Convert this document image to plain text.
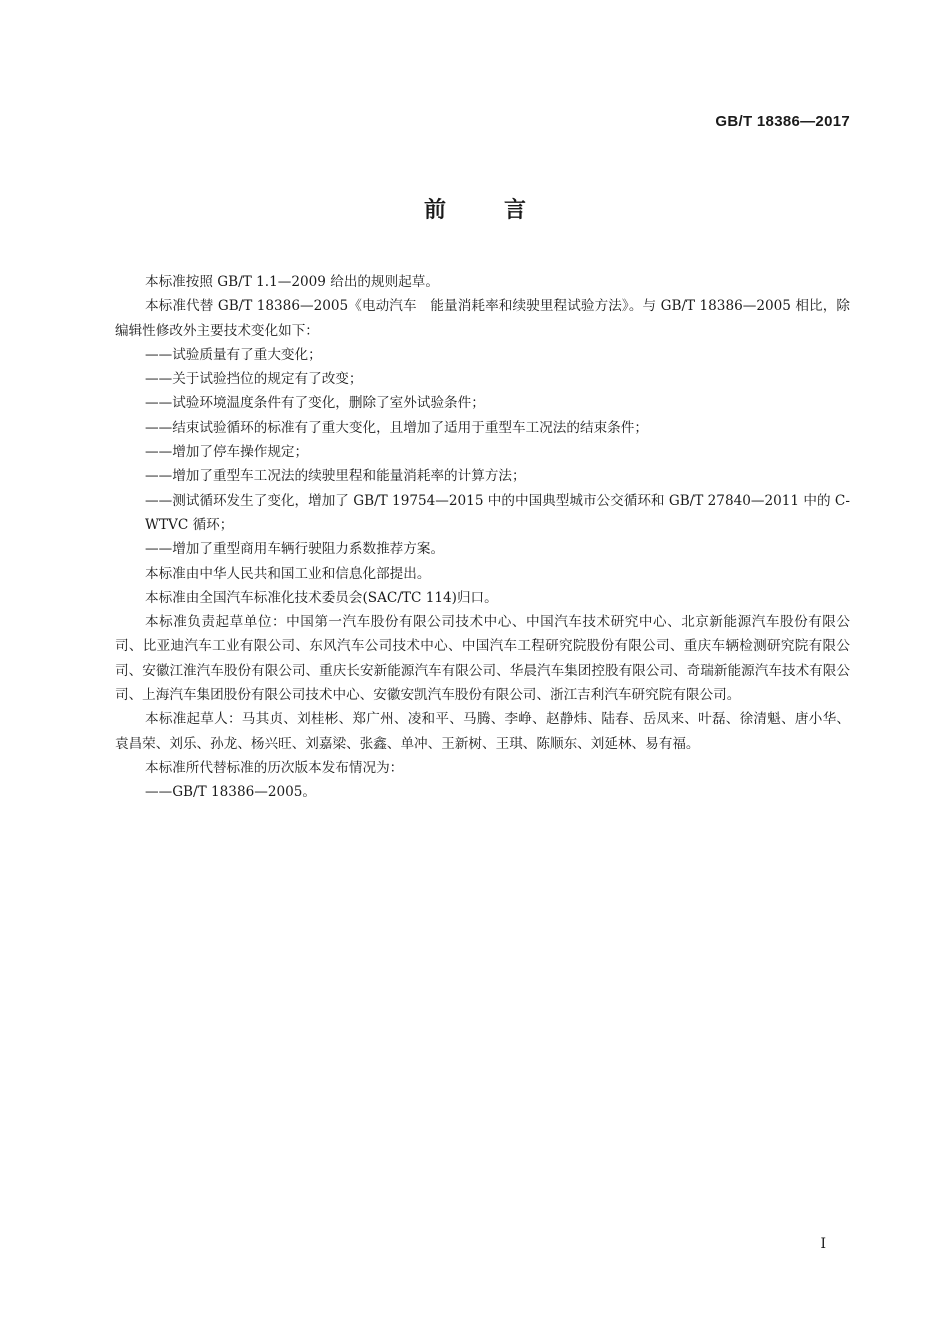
GB/T 18386—2017
前言

本标准按照 GB/T 1.1—2009 给出的规则起草。

本标准代替 GB/T 18386—2005《电动汽车　能量消耗率和续驶里程试验方法》。与 GB/T 18386—2005 相比，除编辑性修改外主要技术变化如下：

——试验质量有了重大变化；

——关于试验挡位的规定有了改变；

——试验环境温度条件有了变化，删除了室外试验条件；

——结束试验循环的标准有了重大变化，且增加了适用于重型车工况法的结束条件；

——增加了停车操作规定；

——增加了重型车工况法的续驶里程和能量消耗率的计算方法；

——测试循环发生了变化，增加了 GB/T 19754—2015 中的中国典型城市公交循环和 GB/T 27840—2011 中的 C-WTVC 循环；

——增加了重型商用车辆行驶阻力系数推荐方案。

本标准由中华人民共和国工业和信息化部提出。

本标准由全国汽车标准化技术委员会(SAC/TC 114)归口。

本标准负责起草单位：中国第一汽车股份有限公司技术中心、中国汽车技术研究中心、北京新能源汽车股份有限公司、比亚迪汽车工业有限公司、东风汽车公司技术中心、中国汽车工程研究院股份有限公司、重庆车辆检测研究院有限公司、安徽江淮汽车股份有限公司、重庆长安新能源汽车有限公司、华晨汽车集团控股有限公司、奇瑞新能源汽车技术有限公司、上海汽车集团股份有限公司技术中心、安徽安凯汽车股份有限公司、浙江吉利汽车研究院有限公司。

本标准起草人：马其贞、刘桂彬、郑广州、凌和平、马腾、李峥、赵静炜、陆春、岳凤来、叶磊、徐清魁、唐小华、袁昌荣、刘乐、孙龙、杨兴旺、刘嘉梁、张鑫、单冲、王新树、王琪、陈顺东、刘延林、易有福。

本标准所代替标准的历次版本发布情况为：

——GB/T 18386—2005。

I
